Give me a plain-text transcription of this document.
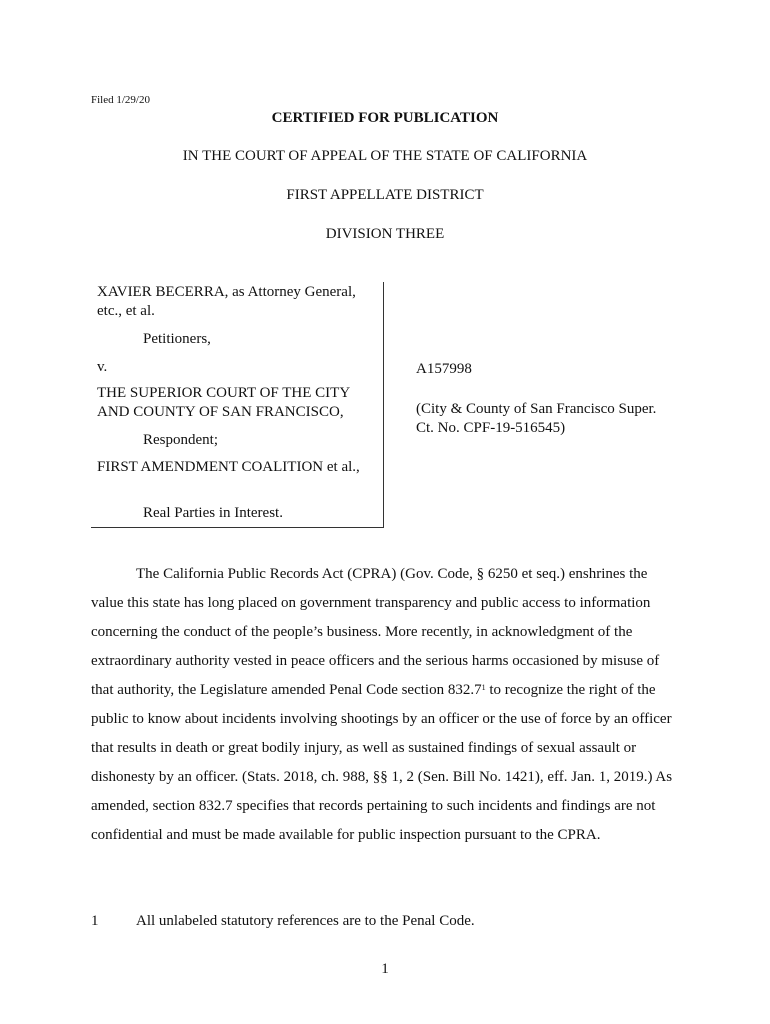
Filed 1/29/20
CERTIFIED FOR PUBLICATION
IN THE COURT OF APPEAL OF THE STATE OF CALIFORNIA
FIRST APPELLATE DISTRICT
DIVISION THREE
XAVIER BECERRA, as Attorney General, etc., et al.
Petitioners,
v.
THE SUPERIOR COURT OF THE CITY AND COUNTY OF SAN FRANCISCO,
Respondent;
FIRST AMENDMENT COALITION et al.,
Real Parties in Interest.
A157998
(City & County of San Francisco Super. Ct. No. CPF-19-516545)

The California Public Records Act (CPRA) (Gov. Code, § 6250 et seq.) enshrines the value this state has long placed on government transparency and public access to information concerning the conduct of the people’s business. More recently, in acknowledgment of the extraordinary authority vested in peace officers and the serious harms occasioned by misuse of that authority, the Legislature amended Penal Code section 832.7$^1$ to recognize the right of the public to know about incidents involving shootings by an officer or the use of force by an officer that results in death or great bodily injury, as well as sustained findings of sexual assault or dishonesty by an officer. (Stats. 2018, ch. 988, §§ 1, 2 (Sen. Bill No. 1421), eff. Jan. 1, 2019.) As amended, section 832.7 specifies that records pertaining to such incidents and findings are not confidential and must be made available for public inspection pursuant to the CPRA.

1	All unlabeled statutory references are to the Penal Code.
1
